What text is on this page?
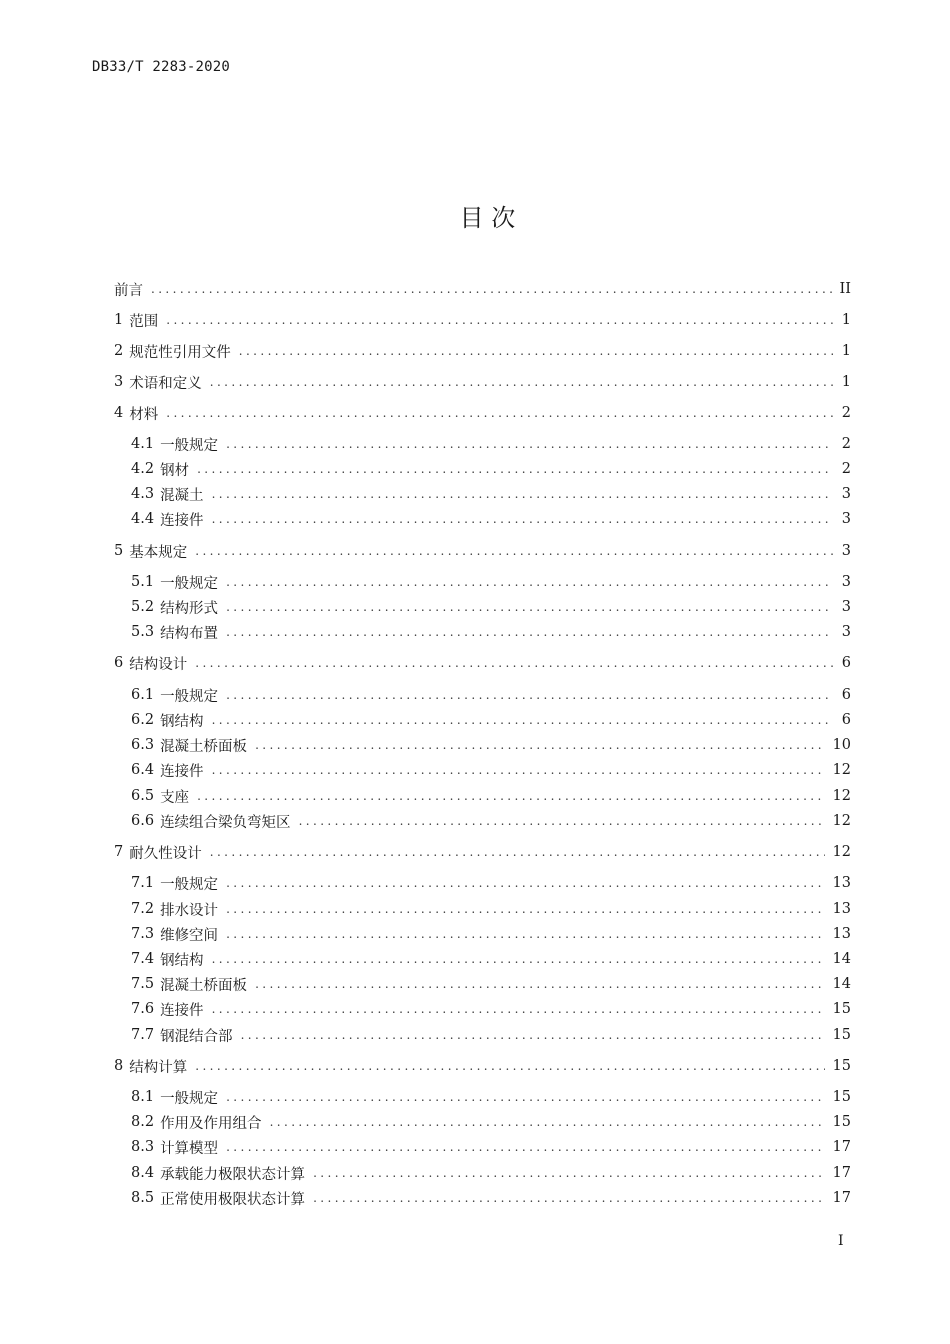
DB33/T 2283-2020
目 次
前言 .....	II
1 范围 .....	1
2 规范性引用文件 .....	1
3 术语和定义 .....	1
4 材料 .....	2
4.1 一般规定 .....	2
4.2 钢材 .....	2
4.3 混凝土 .....	3
4.4 连接件 .....	3
5 基本规定 .....	3
5.1 一般规定 .....	3
5.2 结构形式 .....	3
5.3 结构布置 .....	3
6 结构设计 .....	6
6.1 一般规定 .....	6
6.2 钢结构 .....	6
6.3 混凝土桥面板 .....	10
6.4 连接件 .....	12
6.5 支座 .....	12
6.6 连续组合梁负弯矩区 .....	12
7 耐久性设计 .....	12
7.1 一般规定 .....	13
7.2 排水设计 .....	13
7.3 维修空间 .....	13
7.4 钢结构 .....	14
7.5 混凝土桥面板 .....	14
7.6 连接件 .....	15
7.7 钢混结合部 .....	15
8 结构计算 .....	15
8.1 一般规定 .....	15
8.2 作用及作用组合 .....	15
8.3 计算模型 .....	17
8.4 承载能力极限状态计算 .....	17
8.5 正常使用极限状态计算 .....	17
I
